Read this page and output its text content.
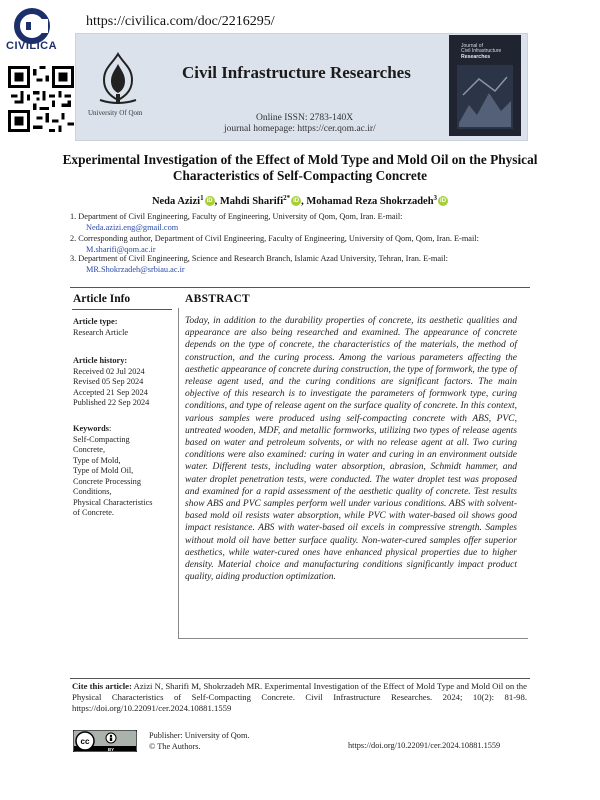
CIVILICA
https://civilica.com/doc/2216295/
University Of Qom
Civil Infrastructure Researches
Online ISSN: 2783-140X
journal homepage: https://cer.qom.ac.ir/
Journal of
Civil Infrastructure
Researches
Experimental Investigation of the Effect of Mold Type and Mold Oil on the Physical Characteristics of Self-Compacting Concrete
Neda Azizi$^1$ iD , Mahdi Sharifi$^{2*}$ iD , Mohamad Reza Shokrzadeh$^3$ iD
1. Department of Civil Engineering, Faculty of Engineering, University of Qom, Qom, Iran. E-mail:
Neda.azizi.eng@gmail.com
2. Corresponding author, Department of Civil Engineering, Faculty of Engineering, University of Qom, Qom, Iran. E-mail:
M.sharifi@qom.ac.ir
3. Department of Civil Engineering, Science and Research Branch, Islamic Azad University, Tehran, Iran. E-mail:
MR.Shokrzadeh@srbiau.ac.ir
Article Info
Article type:
Research Article
Article history:
Received 02 Jul 2024
Revised 05 Sep 2024
Accepted 21 Sep 2024
Published 22 Sep 2024
Keywords:
Self-Compacting
Concrete,
Type of Mold,
Type of Mold Oil,
Concrete Processing
Conditions,
Physical Characteristics
of Concrete.
ABSTRACT
Today, in addition to the durability properties of concrete, its aesthetic qualities and appearance are also being researched and examined. The appearance of concrete depends on the type of concrete, the characteristics of the materials, the method of construction, and the curing process. Among the various parameters affecting the aesthetic appearance of concrete during construction, the type of formwork, the type of release agent used, and the curing conditions are significant factors. The main objective of this research is to investigate the parameters of formwork type, curing conditions, and type of release agent on the surface quality of concrete. In this context, various samples were produced using self-compacting concrete with ABS, PVC, untreated wooden, MDF, and metallic formworks, utilizing two types of release agents based on water and petroleum solvents, or with no release agent at all. Two curing conditions were also examined: curing in water and curing in an environment outside water. Different tests, including water absorption, abrasion, Schmidt hammer, and water droplet penetration tests, were conducted. The water droplet test was proposed and examined for a rapid assessment of the aesthetic quality of concrete. Test results show ABS and PVC samples perform well under various conditions. ABS with solvent-based mold oil resists water absorption, while PVC with water-based oil shows good impact resistance. ABS with water-based oil excels in compressive strength. Samples without mold oil have better surface quality. Non-water-cured samples offer superior aesthetics, while water-cured ones have enhanced physical properties due to higher density. Material choice and manufacturing conditions significantly impact product quality, aiding production optimization.
Cite this article: Azizi N, Sharifi M, Shokrzadeh MR. Experimental Investigation of the Effect of Mold Type and Mold Oil on the Physical Characteristics of Self-Compacting Concrete. Civil Infrastructure Researches. 2024; 10(2): 81-98. https://doi.org/10.22091/cer.2024.10881.1559
cc
BY
Publisher: University of Qom.
© The Authors.	https://doi.org/10.22091/cer.2024.10881.1559
